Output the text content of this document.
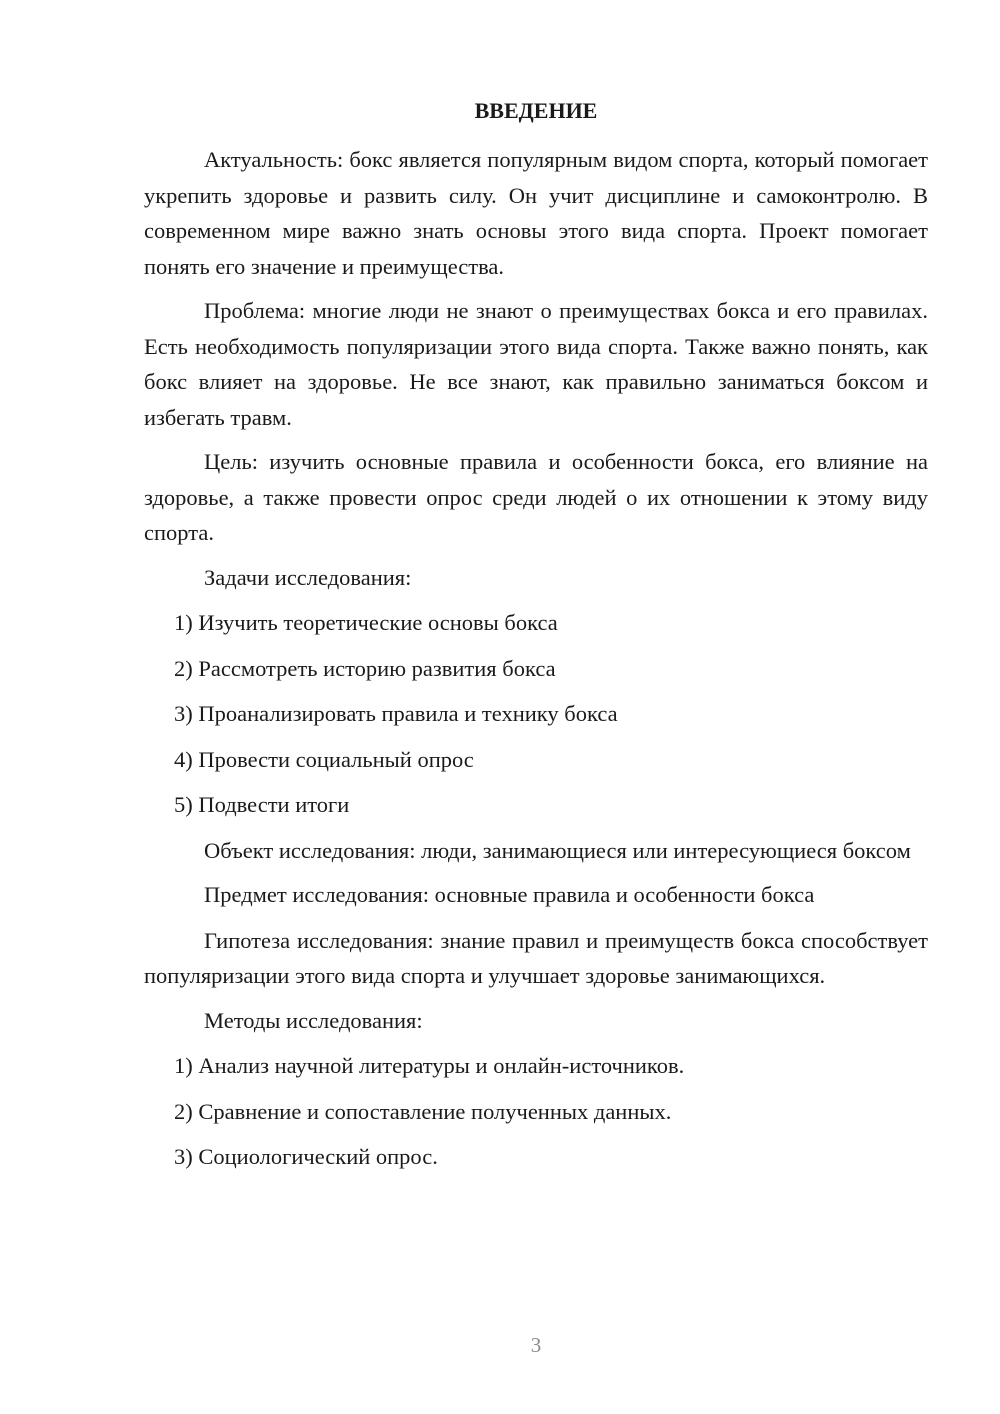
ВВЕДЕНИЕ

Актуальность: бокс является популярным видом спорта, который помогает укрепить здоровье и развить силу. Он учит дисциплине и самоконтролю. В современном мире важно знать основы этого вида спорта. Проект помогает понять его значение и преимущества.

Проблема: многие люди не знают о преимуществах бокса и его правилах. Есть необходимость популяризации этого вида спорта. Также важно понять, как бокс влияет на здоровье. Не все знают, как правильно заниматься боксом и избегать травм.

Цель: изучить основные правила и особенности бокса, его влияние на здоровье, а также провести опрос среди людей о их отношении к этому виду спорта.

Задачи исследования:

1) Изучить теоретические основы бокса
2) Рассмотреть историю развития бокса
3) Проанализировать правила и технику бокса
4) Провести социальный опрос
5) Подвести итоги

Объект исследования: люди, занимающиеся или интересующиеся боксом

Предмет исследования: основные правила и особенности бокса

Гипотеза исследования: знание правил и преимуществ бокса способствует популяризации этого вида спорта и улучшает здоровье занимающихся.

Методы исследования:

1) Анализ научной литературы и онлайн-источников.
2) Сравнение и сопоставление полученных данных.
3) Социологический опрос.
3
